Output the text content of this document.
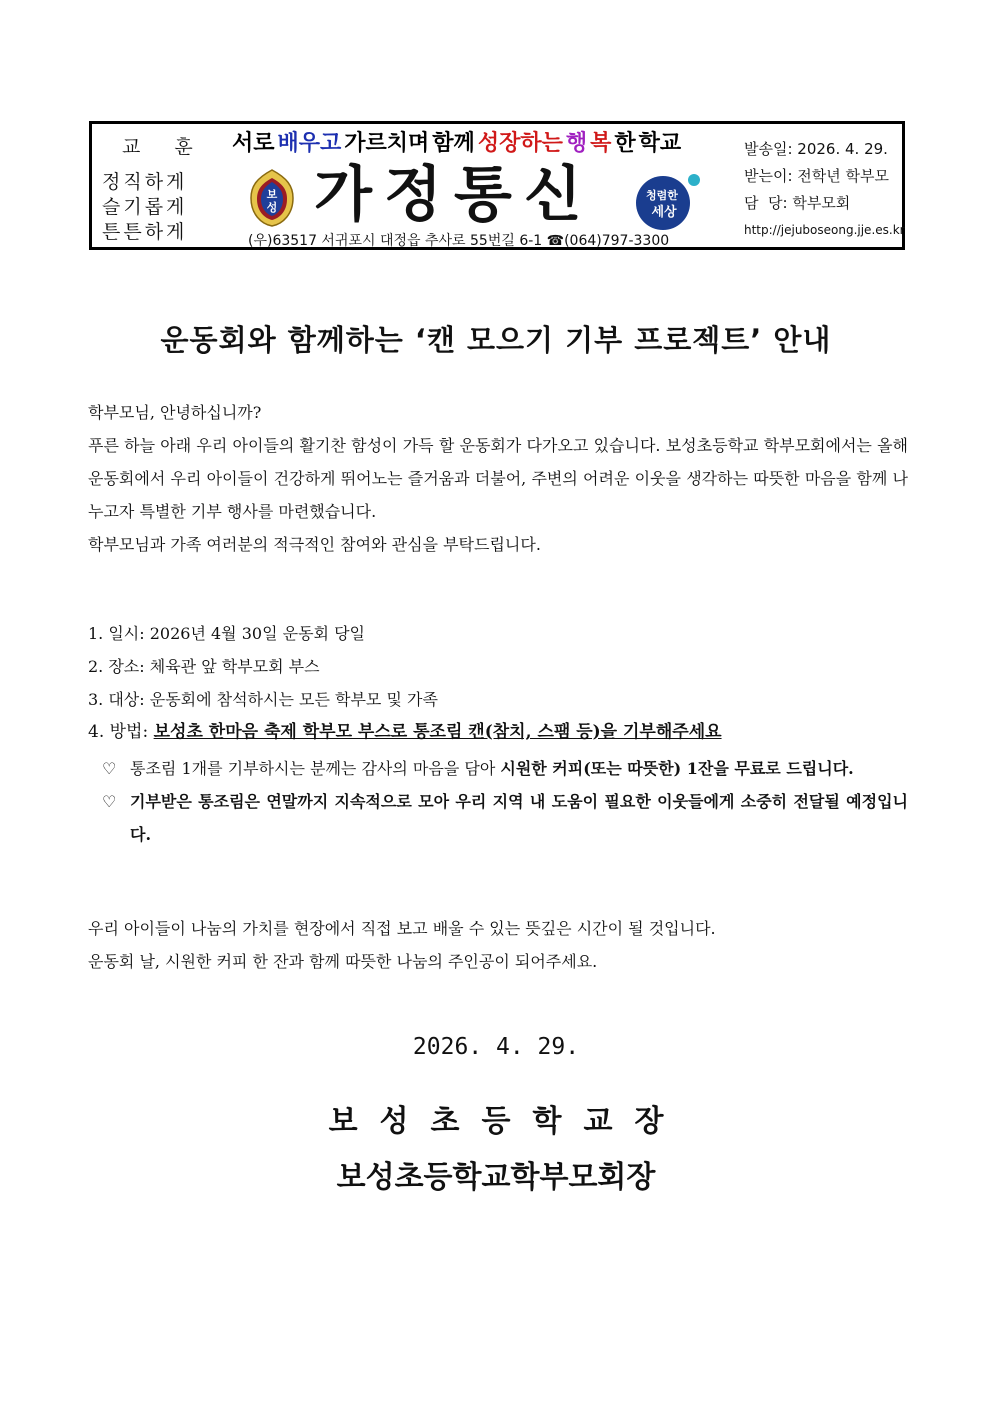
교 훈
정직하게
슬기롭게
튼튼하게
서로 배우고 가르치며 함께 성장하는 행 복 한 학교
보
성 가정통신	청렴한
세상
(우)63517 서귀포시 대정읍 추사로 55번길 6-1 ☎(064)797-3300
발송일: 2026. 4. 29.
받는이: 전학년 학부모
담  당: 학부모회
http://jejuboseong.jje.es.kr
운동회와 함께하는 ‘캔 모으기 기부 프로젝트’ 안내

학부모님, 안녕하십니까?

푸른 하늘 아래 우리 아이들의 활기찬 함성이 가득 할 운동회가 다가오고 있습니다. 보성초등학교 학부모회에서는 올해 운동회에서 우리 아이들이 건강하게 뛰어노는 즐거움과 더불어, 주변의 어려운 이웃을 생각하는 따뜻한 마음을 함께 나누고자 특별한 기부 행사를 마련했습니다.

학부모님과 가족 여러분의 적극적인 참여와 관심을 부탁드립니다.

1. 일시: 2026년 4월 30일 운동회 당일

2. 장소: 체육관 앞 학부모회 부스

3. 대상: 운동회에 참석하시는 모든 학부모 및 가족

4. 방법: 보성초 한마음 축제 학부모 부스로 통조림 캔(참치, 스팸 등)을 기부해주세요

♡ 통조림 1개를 기부하시는 분께는 감사의 마음을 담아 시원한 커피(또는 따뜻한) 1잔을 무료로 드립니다.
♡ 기부받은 통조림은 연말까지 지속적으로 모아 우리 지역 내 도움이 필요한 이웃들에게 소중히 전달될 예정입니다.

우리 아이들이 나눔의 가치를 현장에서 직접 보고 배울 수 있는 뜻깊은 시간이 될 것입니다.

운동회 날, 시원한 커피 한 잔과 함께 따뜻한 나눔의 주인공이 되어주세요.

2026. 4. 29.
보성초등학교장
보성초등학교학부모회장
